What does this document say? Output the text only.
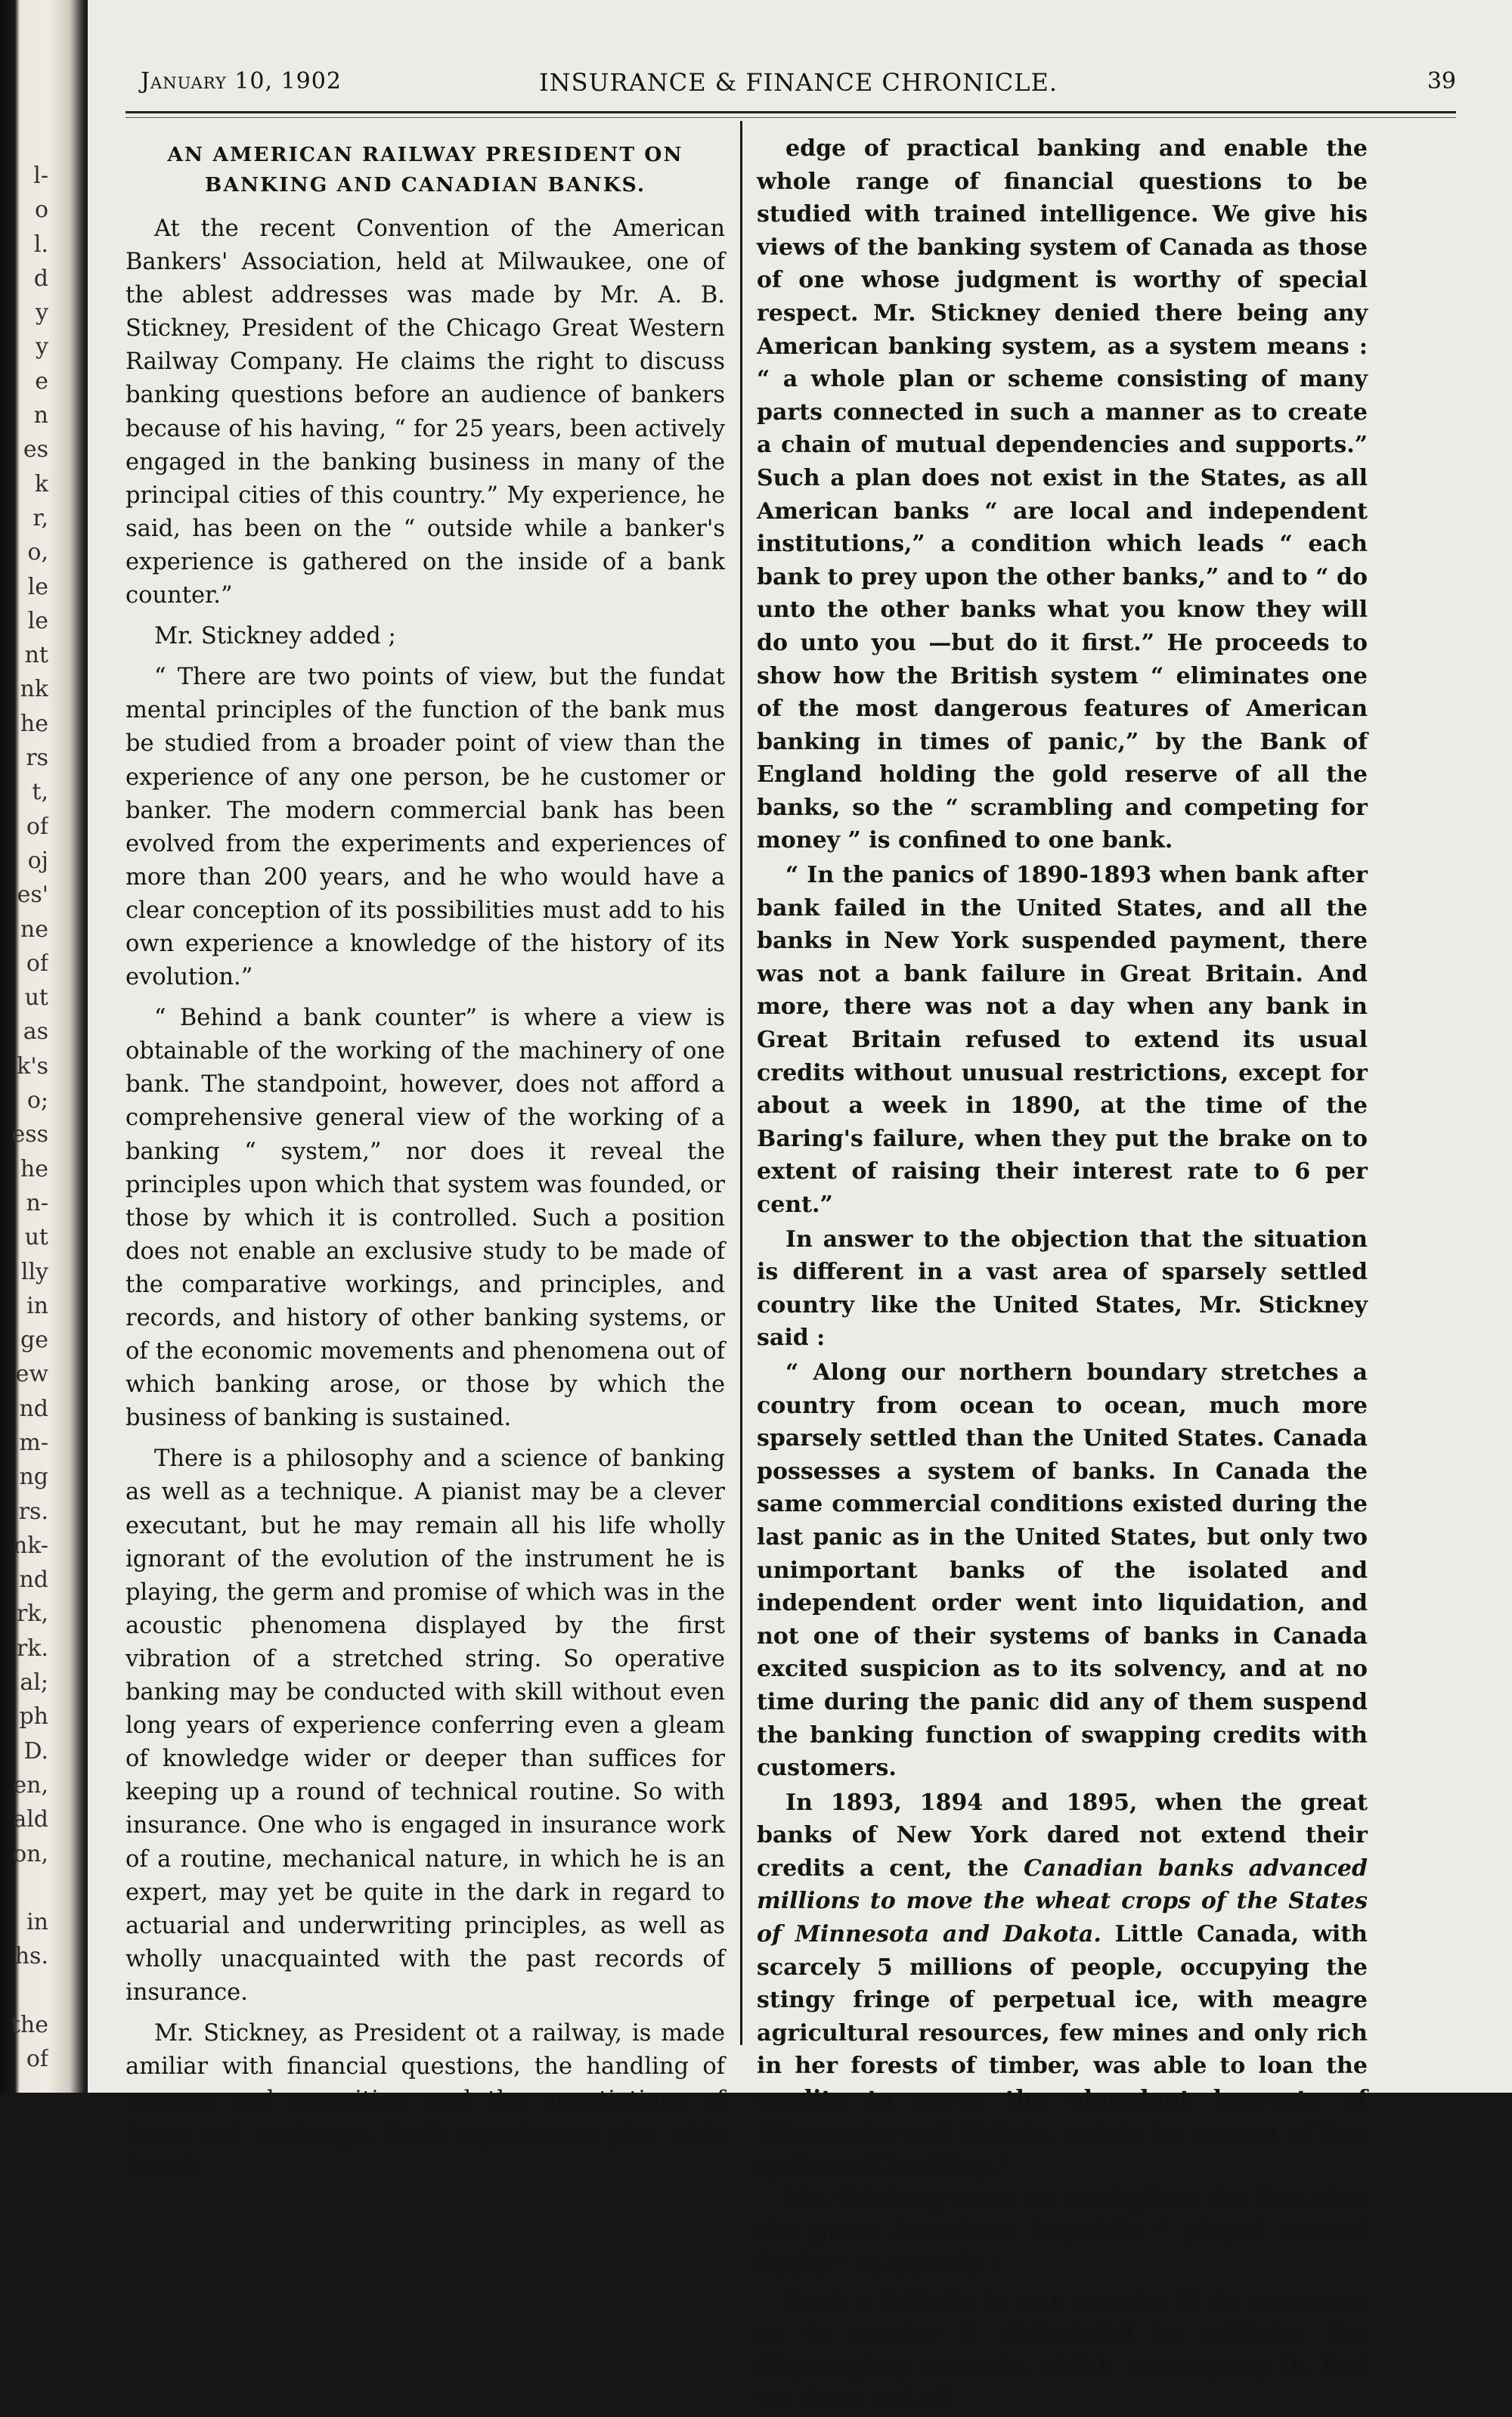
l-
o
l.
d
y
y
e
n
es
k
r,
o,
le
le
nt
nk
he
rs
t,
of
oj
es'
ne
of
ut
as
k's
o;
ess
he
n-
ut
lly
in
ge
ew
nd
m-
ng
rs.
nk-
nd
rk,
rk.
al;
ph
D.
en,
ald
on,
in
hs.
the
of
January 10, 1902	INSURANCE & FINANCE CHRONICLE.	39
AN AMERICAN RAILWAY PRESIDENT ON
BANKING AND CANADIAN BANKS.

At the recent Convention of the American Bankers' Association, held at Milwaukee, one of the ablest addresses was made by Mr. A. B. Stickney, President of the Chicago Great Western Railway Company. He claims the right to discuss banking questions before an audience of bankers because of his having, “ for 25 years, been actively engaged in the banking business in many of the principal cities of this country.” My experience, he said, has been on the “ outside while a banker's experience is gathered on the inside of a bank counter.”

Mr. Stickney added ;

“ There are two points of view, but the fundat mental principles of the function of the bank mus be studied from a broader point of view than the experience of any one person, be he customer or banker. The modern commercial bank has been evolved from the experiments and experiences of more than 200 years, and he who would have a clear conception of its possibilities must add to his own experience a knowledge of the history of its evolution.”

“ Behind a bank counter” is where a view is obtainable of the working of the machinery of one bank. The standpoint, however, does not afford a comprehensive general view of the working of a banking “ system,” nor does it reveal the principles upon which that system was founded, or those by which it is controlled. Such a position does not enable an exclusive study to be made of the comparative workings, and principles, and records, and history of other banking systems, or of the economic movements and phenomena out of which banking arose, or those by which the business of banking is sustained.

There is a philosophy and a science of banking as well as a technique. A pianist may be a clever executant, but he may remain all his life wholly ignorant of the evolution of the instrument he is playing, the germ and promise of which was in the acoustic phenomena displayed by the first vibration of a stretched string. So operative banking may be conducted with skill without even long years of experience conferring even a gleam of knowledge wider or deeper than suffices for keeping up a round of technical routine. So with insurance. One who is engaged in insurance work of a routine, mechanical nature, in which he is an expert, may yet be quite in the dark in regard to actuarial and underwriting principles, as well as wholly unacquainted with the past records of insurance.

Mr. Stickney, as President ot a railway, is made amiliar with financial questions, the handling of moneys and securities, and the negotiations of loans and exchange. Such experiences give wide knowl-

edge of practical banking and enable the whole range of financial questions to be studied with trained intelligence. We give his views of the banking system of Canada as those of one whose judgment is worthy of special respect. Mr. Stickney denied there being any American banking system, as a system means : “ a whole plan or scheme consisting of many parts connected in such a manner as to create a chain of mutual dependencies and supports.” Such a plan does not exist in the States, as all American banks “ are local and independent institutions,” a condition which leads “ each bank to prey upon the other banks,” and to “ do unto the other banks what you know they will do unto you —but do it first.” He proceeds to show how the British system “ eliminates one of the most dangerous features of American banking in times of panic,” by the Bank of England holding the gold reserve of all the banks, so the “ scrambling and competing for money ” is confined to one bank.

“ In the panics of 1890-1893 when bank after bank failed in the United States, and all the banks in New York suspended payment, there was not a bank failure in Great Britain. And more, there was not a day when any bank in Great Britain refused to extend its usual credits without unusual restrictions, except for about a week in 1890, at the time of the Baring's failure, when they put the brake on to extent of raising their interest rate to 6 per cent.”

In answer to the objection that the situation is different in a vast area of sparsely settled country like the United States, Mr. Stickney said :

“ Along our northern boundary stretches a country from ocean to ocean, much more sparsely settled than the United States. Canada possesses a system of banks. In Canada the same commercial conditions existed during the last panic as in the United States, but only two unimportant banks of the isolated and independent order went into liquidation, and not one of their systems of banks in Canada excited suspicion as to its solvency, and at no time during the panic did any of them suspend the banking function of swapping credits with customers.

In 1893, 1894 and 1895, when the great banks of New York dared not extend their credits a cent, the Canadian banks advanced millions to move the wheat crops of the States of Minnesota and Dakota. Little Canada, with scarcely 5 millions of people, occupying the stingy fringe of perpetual ice, with meagre agricultural resources, few mines and only rich in her forests of timber, was able to loan the credits to move the abundant harvests of Minnesota and Dakota, solely by reason of her system of banking.”

Mr. Stickney went on to deplore the fact that the great American Republic “ played second fiddle ” to Canada !

Such a tribute to our country is so generous as to render it distasteful to criticize the disparaging remarks which accompany it. But we do so out of
